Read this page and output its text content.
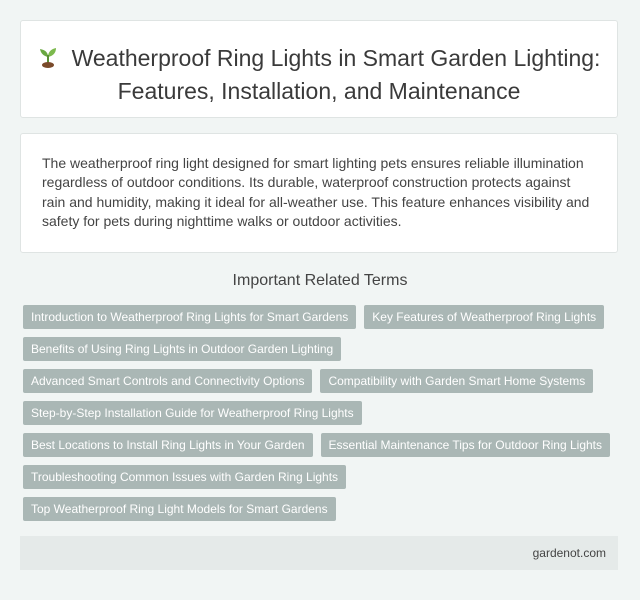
Weatherproof Ring Lights in Smart Garden Lighting: Features, Installation, and Maintenance

The weatherproof ring light designed for smart lighting pets ensures reliable illumination regardless of outdoor conditions. Its durable, waterproof construction protects against rain and humidity, making it ideal for all-weather use. This feature enhances visibility and safety for pets during nighttime walks or outdoor activities.

Important Related Terms
Introduction to Weatherproof Ring Lights for Smart Gardens	Key Features of Weatherproof Ring Lights
Benefits of Using Ring Lights in Outdoor Garden Lighting
Advanced Smart Controls and Connectivity Options	Compatibility with Garden Smart Home Systems
Step-by-Step Installation Guide for Weatherproof Ring Lights
Best Locations to Install Ring Lights in Your Garden	Essential Maintenance Tips for Outdoor Ring Lights
Troubleshooting Common Issues with Garden Ring Lights
Top Weatherproof Ring Light Models for Smart Gardens
gardenot.com
